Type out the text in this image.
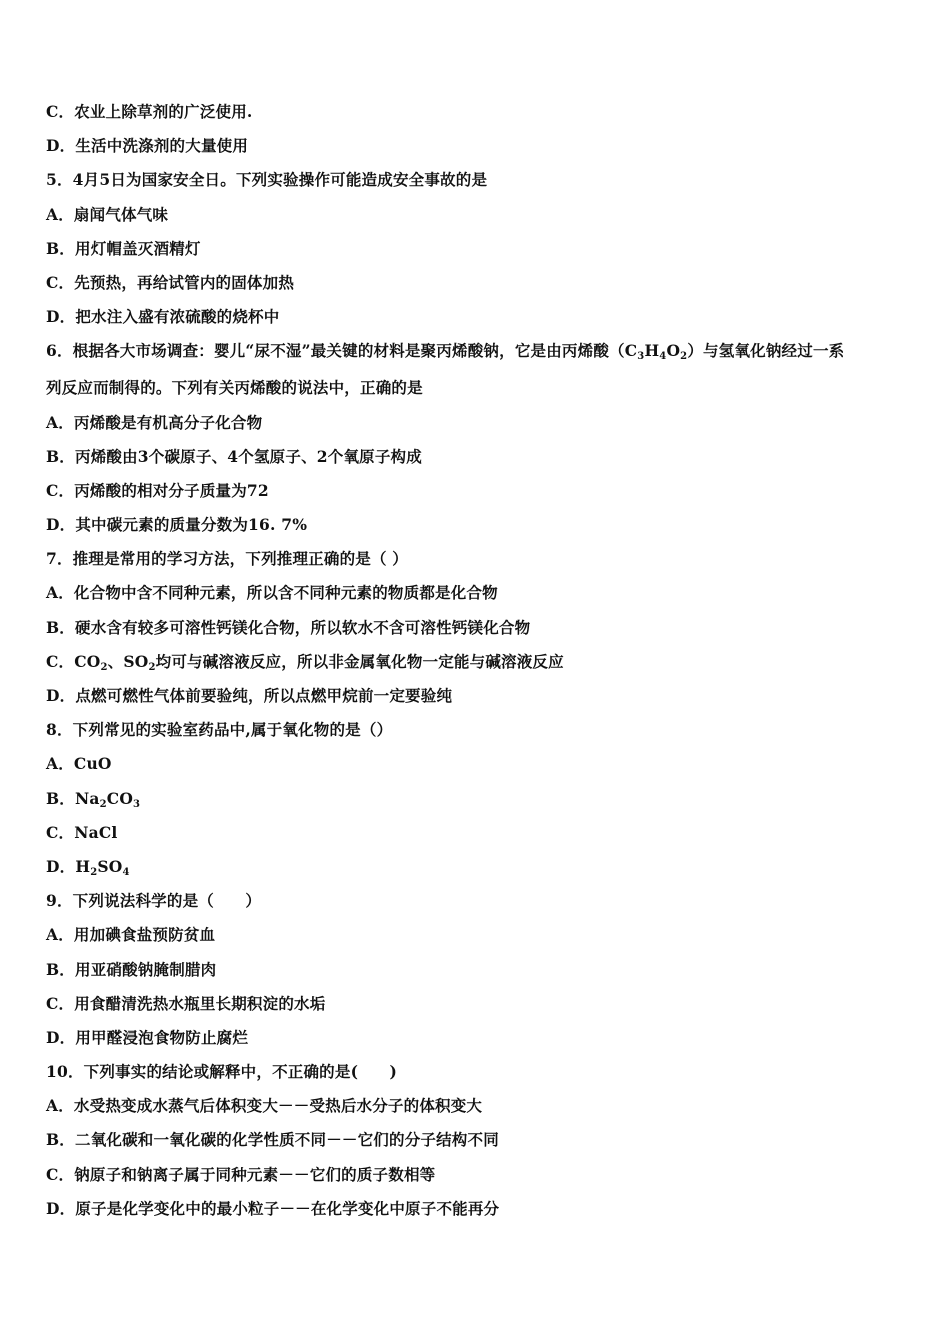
C．农业上除草剂的广泛使用.
D．生活中洗涤剂的大量使用
5．4月5日为国家安全日。下列实验操作可能造成安全事故的是
A．扇闻气体气味
B．用灯帽盖灭酒精灯
C．先预热，再给试管内的固体加热
D．把水注入盛有浓硫酸的烧杯中
6．根据各大市场调查：婴儿“尿不湿”最关键的材料是聚丙烯酸钠，它是由丙烯酸$(C_3H_4O_2)$与氢氧化钠经过一系
列反应而制得的。下列有关丙烯酸的说法中，正确的是
A．丙烯酸是有机高分子化合物
B．丙烯酸由3个碳原子、4个氢原子、2个氧原子构成
C．丙烯酸的相对分子质量为72
D．其中碳元素的质量分数为16. 7%
7．推理是常用的学习方法，下列推理正确的是（ ）
A．化合物中含不同种元素，所以含不同种元素的物质都是化合物
B．硬水含有较多可溶性钙镁化合物，所以软水不含可溶性钙镁化合物
C．$CO_2$、$SO_2$均可与碱溶液反应，所以非金属氧化物一定能与碱溶液反应
D．点燃可燃性气体前要验纯，所以点燃甲烷前一定要验纯
8．下列常见的实验室药品中,属于氧化物的是（）
A．CuO
B．$Na_2CO_3$
C．NaCl
D．$H_2SO_4$
9．下列说法科学的是（　　）
A．用加碘食盐预防贫血
B．用亚硝酸钠腌制腊肉
C．用食醋清洗热水瓶里长期积淀的水垢
D．用甲醛浸泡食物防止腐烂
10．下列事实的结论或解释中，不正确的是(　　)
A．水受热变成水蒸气后体积变大－－受热后水分子的体积变大
B．二氧化碳和一氧化碳的化学性质不同－－它们的分子结构不同
C．钠原子和钠离子属于同种元素－－它们的质子数相等
D．原子是化学变化中的最小粒子－－在化学变化中原子不能再分
